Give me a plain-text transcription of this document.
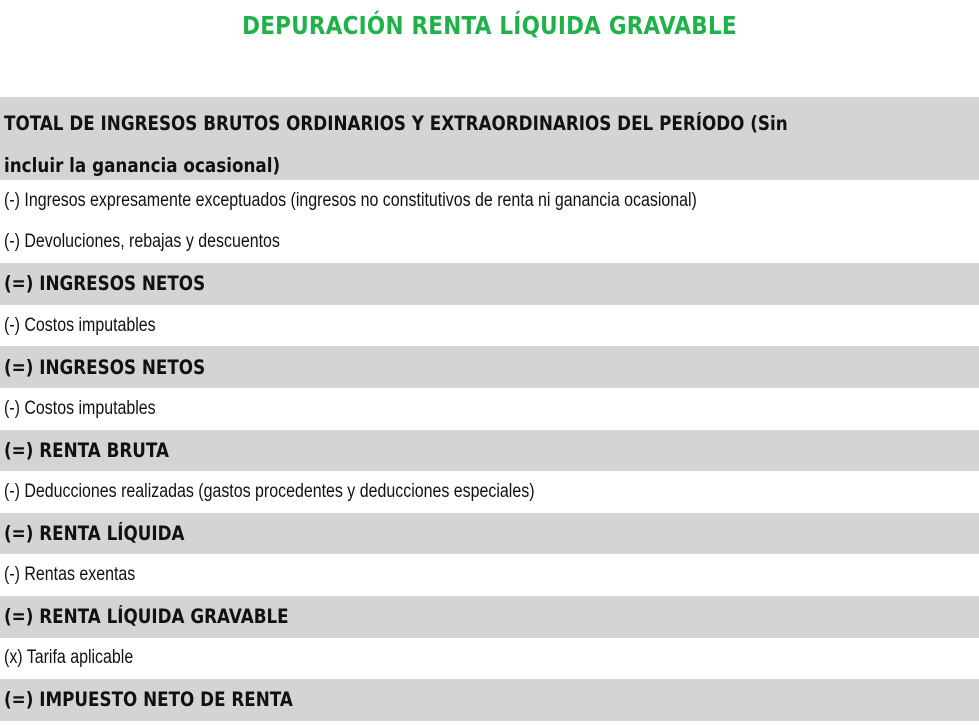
DEPURACIÓN RENTA LÍQUIDA GRAVABLE
TOTAL DE INGRESOS BRUTOS ORDINARIOS Y EXTRAORDINARIOS DEL PERÍODO (Sin incluir la ganancia ocasional)
(-) Ingresos expresamente exceptuados (ingresos no constitutivos de renta ni ganancia ocasional)
(-) Devoluciones, rebajas y descuentos
(=) INGRESOS NETOS
(-) Costos imputables
(=) INGRESOS NETOS
(-) Costos imputables
(=) RENTA BRUTA
(-) Deducciones realizadas (gastos procedentes y deducciones especiales)
(=) RENTA LÍQUIDA
(-) Rentas exentas
(=) RENTA LÍQUIDA GRAVABLE
(x) Tarifa aplicable
(=) IMPUESTO NETO DE RENTA
